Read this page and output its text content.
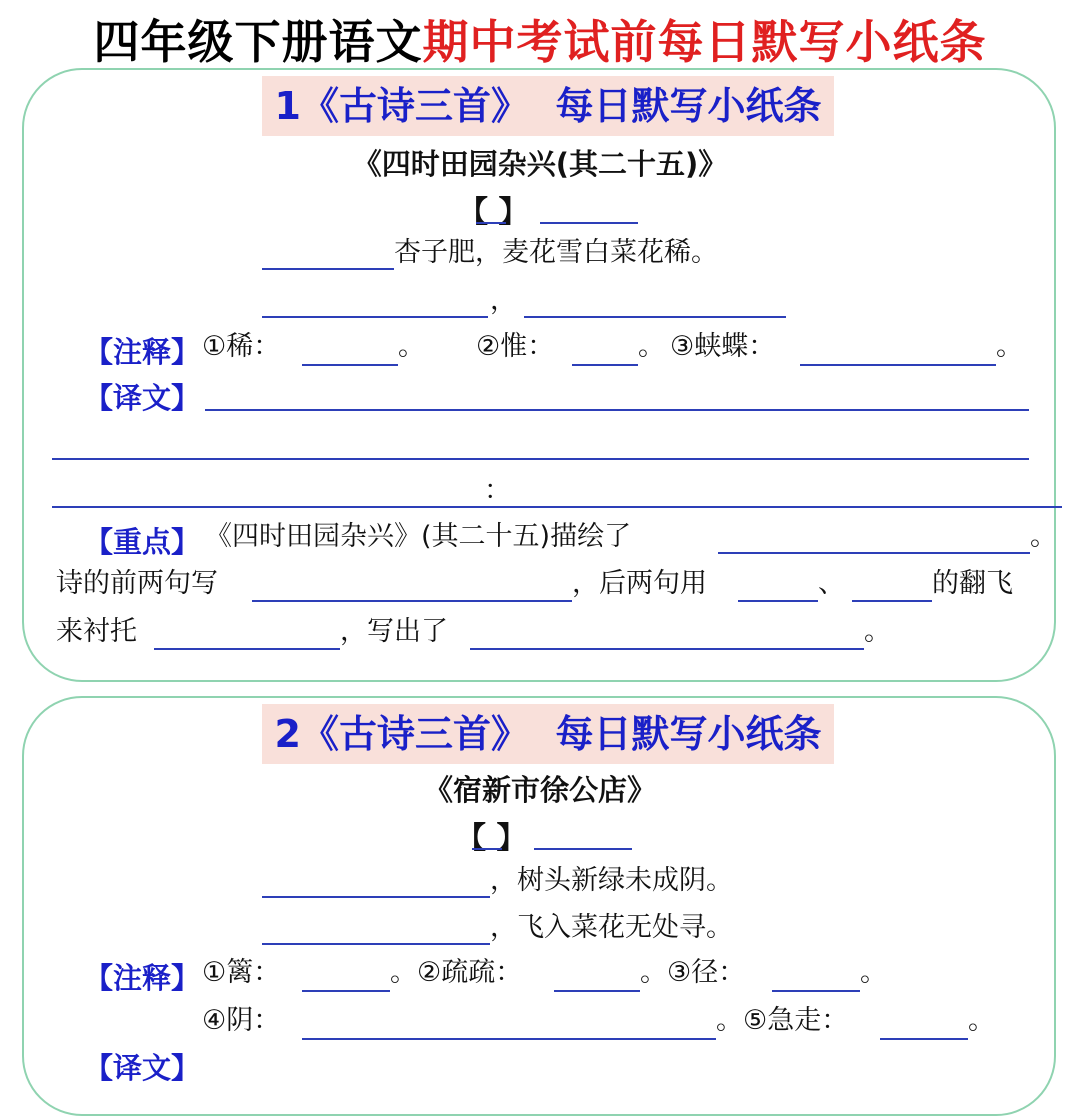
四年级下册语文期中考试前每日默写小纸条
1《古诗三首》  每日默写小纸条
《四时田园杂兴(其二十五)》
【 】
杏子肥，麦花雪白菜花稀。
，
【注释】 ①稀：	。 ②惟：	。 ③蛱蝶：	。
【译文】
：
【重点】 《四时田园杂兴》(其二十五)描绘了	。
诗的前两句写	，后两句用	、	的翻飞
来衬托	，写出了	。
2《古诗三首》  每日默写小纸条
《宿新市徐公店》
【 】
，树头新绿未成阴。
，飞入菜花无处寻。
【注释】 ①篱：	。②疏疏：	。③径：	。
④阴：	。⑤急走：	。
【译文】
